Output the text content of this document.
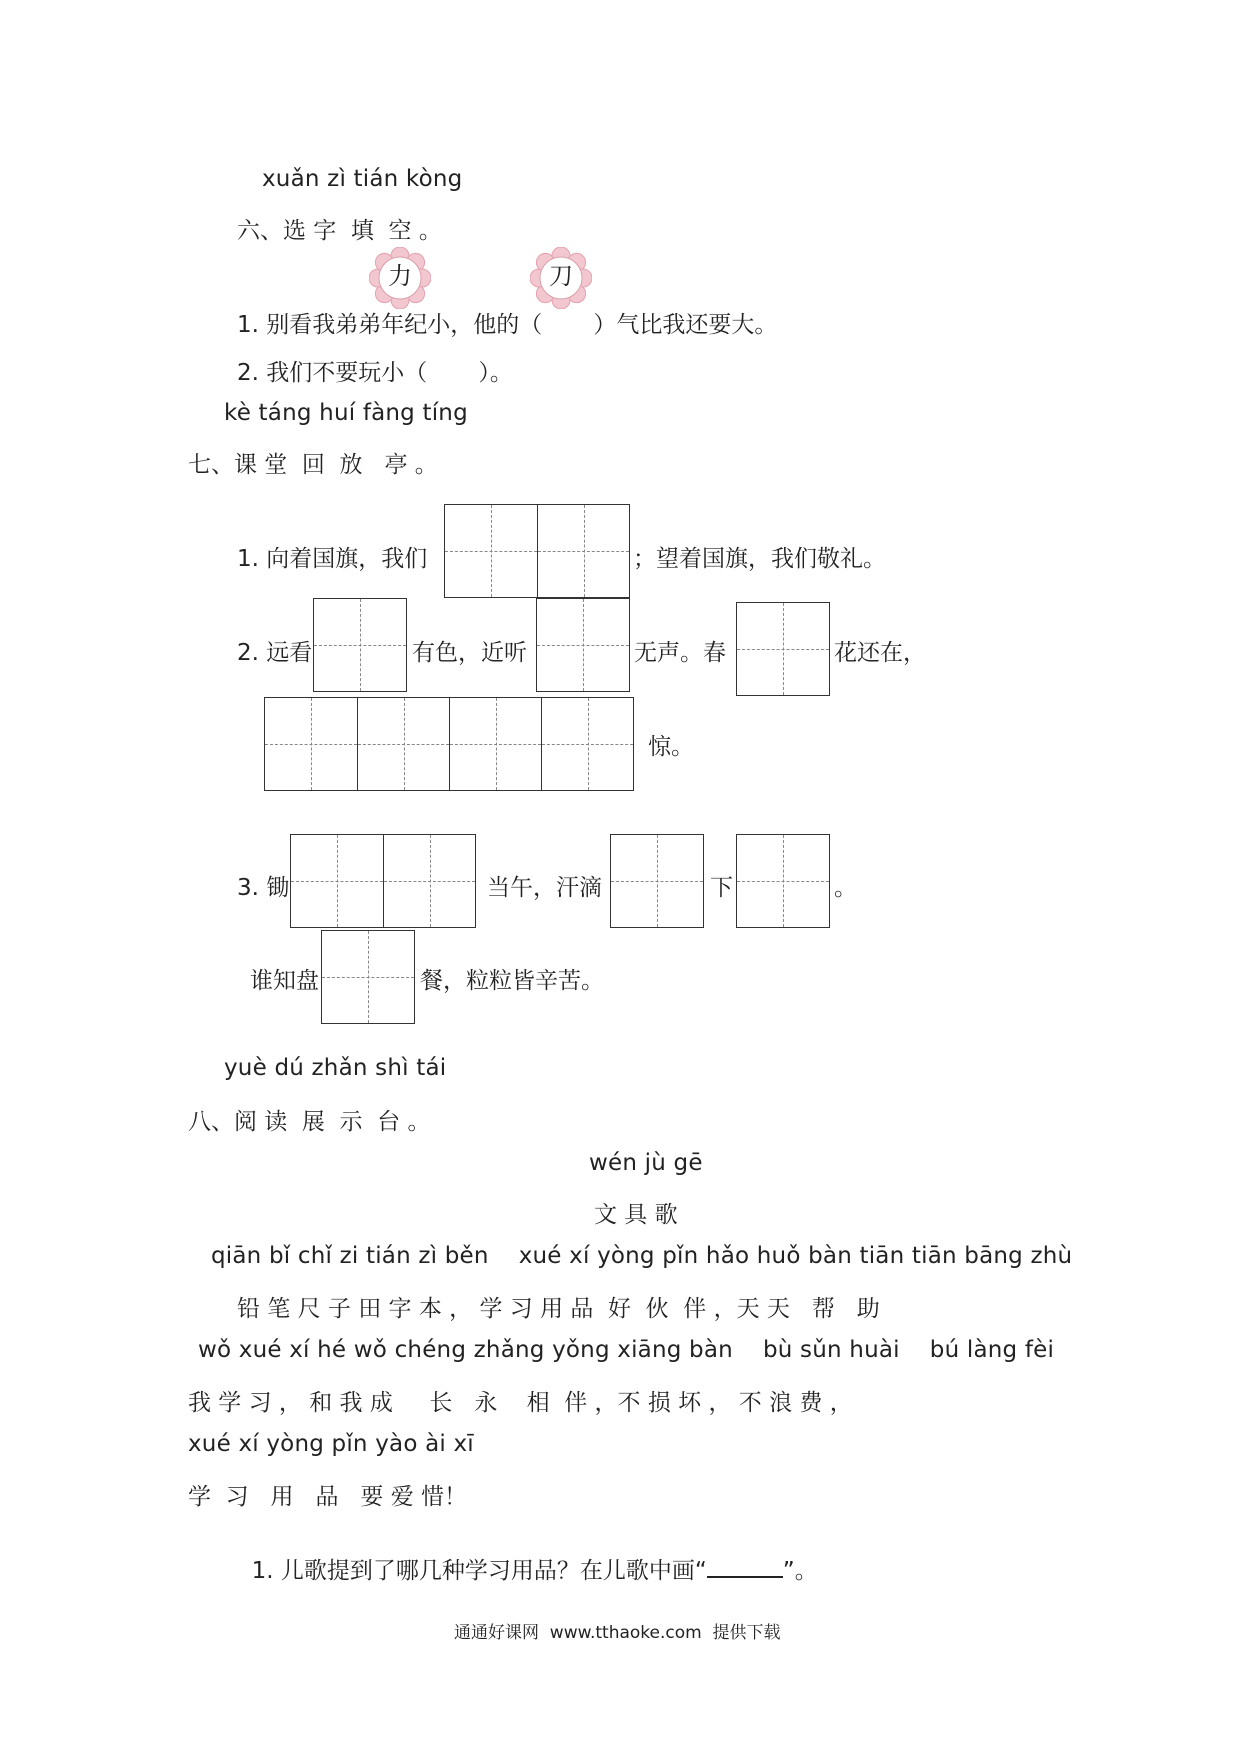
xuǎn zì tián kòng
六、选 字  填  空 。
力	刀
1. 别看我弟弟年纪小，他的（       ）气比我还要大。
2. 我们不要玩小（       ）。
kè táng huí fàng tíng
七、课 堂  回  放   亭 。
1. 向着国旗，我们	；望着国旗，我们敬礼。
2. 远看	有色，近听	无声。春	花还在，
惊。
3. 锄	当午，汗滴	下	。
谁知盘	餐，粒粒皆辛苦。
yuè dú zhǎn shì tái
八、阅 读  展  示  台 。
wén jù gē
文 具 歌
qiān bǐ chǐ zi tián zì běn    xué xí yòng pǐn hǎo huǒ bàn tiān tiān bāng zhù
铅 笔 尺 子 田 字 本 ， 学 习 用 品  好  伙  伴 ，天 天   帮   助
wǒ xué xí hé wǒ chéng zhǎng yǒng xiāng bàn    bù sǔn huài    bú làng fèi
我 学 习 ， 和 我 成     长   永    相  伴 ，不 损 坏 ， 不 浪 费 ，
xué xí yòng pǐn yào ài xī
学  习   用   品   要 爱 惜！

1. 儿歌提到了哪几种学习用品？在儿歌中画“	”。

通通好课网  www.tthaoke.com  提供下载
